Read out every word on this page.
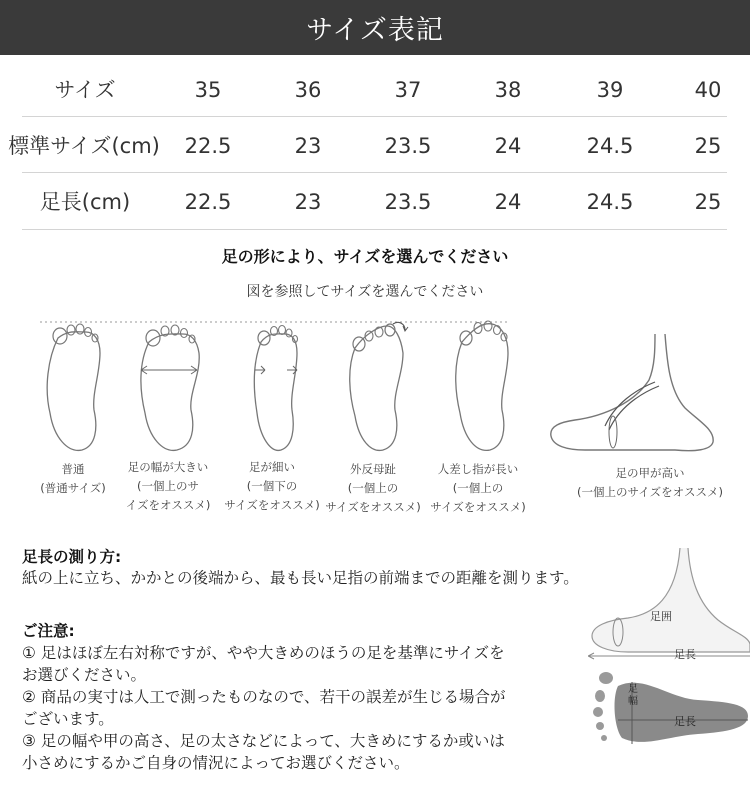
サイズ表記
サイズ	35	36	37	38	39	40
標準サイズ(cm)	22.5	23	23.5	24	24.5	25
足長(cm)	22.5	23	23.5	24	24.5	25
足の形により、サイズを選んでください
図を参照してサイズを選んでください
普通
(普通サイズ)
足の幅が大きい
(一個上のサ
イズをオススメ)
足が細い
(一個下の
サイズをオススメ)
外反母趾
(一個上の
サイズをオススメ)
人差し指が長い
(一個上の
サイズをオススメ)
足の甲が高い
(一個上のサイズをオススメ)
足長の測り方:
紙の上に立ち、かかとの後端から、最も長い足指の前端までの距離を測ります。
足囲
足長
足幅
足長
ご注意:
① 足はほぼ左右対称ですが、やや大きめのほうの足を基準にサイズを
お選びください。
② 商品の実寸は人工で測ったものなので、若干の誤差が生じる場合が
ございます。
③ 足の幅や甲の高さ、足の太さなどによって、大きめにするか或いは
小さめにするかご自身の情況によってお選びください。
